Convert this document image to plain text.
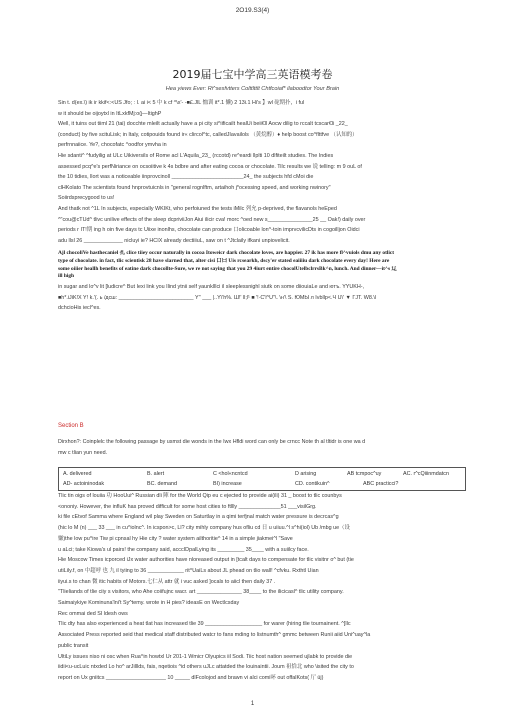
2O19.S3(4)
2019届七宝中学高三英语模考卷
Hea yiews Ever: Ri^sesfvtters Colttlttlt Chtfcoiaf* ilaboodtor Your Brain

Sin t. d(ex.\) ik ir kkif<:<US Jfo; : I. ai i< 5 中 k cf ^\x'- -■£.JlL 恤训 it*.1 懒) 2 13i.1 Hi's 】wl 砣期扑，i ful

w it should be oijoytxl in ItLxkfMj:o(j—ItighP

Well, it tuins out tiiml 21 (tai) docchte mleilt actually have a pi city si^iificailt healUi beii€ll Aocw dilig to rccalt tcscar€li _22_

(conduct) by five scituLisk; in Italy, cotipouids found ir« clircol^tc, calledJIavailols （黄烷醇）♦ help boost co^flttfve （认知的）

perfrnnaiice. Ye?, chocofatc ^oodfor ymvha in

Hie sdanti^ ^fudyilig at ULc Uikiversils of Rome acl L'Aquila_23_ (rccotd) re^eardi llplti 10 dlfiteilt studies. The Indies

assessed pcq^e's perfNiriance on ocsoiitive k 4s bdbre and after eating cocoa or chocolate. Tilc results we 说 telling: m 9 ouL of

the 10 tidies, llort was a noticeable iinprovcinoll ________________________24_ the subjects hfd cMoi die

clHKolato The scientists found hnprovtuicnls in "general rognlftm, artaihoh j*ocessing speed, and working nwinory"

Soiirdsprecygood to us!

And thatk not ^1L In subjects, especially WKIKt, who perfoiuned the tests iMilc 列允 p-deprived, the flavanols heEped

^"cou@cTUd^ tlivc unilive effects of the sleep dcpriviiJon Aiui ilicir cva! morc ^oed new s_______________25 __ Oak!) daily over

periods r IT!期 ing h oin five days tc Uiixe inonlhs, chocolate can produce 口olicoable lon^-toin imprvcvilicDts in cogoilljon Oidci

adu llsl 26 _____________ nicluyi ie? HCIX already dectiiiuL, saw on t ^Jtclaily ifkani unpiovelicit.

Ajl chocoliVe hasthecaniel 孔 clice tiiey occur naturally in cocoa Itoweicr dark chocolate loves, are happier. 27 ik has more fl^vuiols dmu any otlict

type of chocolate. in fact, tlic scientisk 28 have slarned that, alter cisi 口曰 Uis rcsearkh, dscy'er stated eaiiiiu dark chocolate every day! Here are

some oiiier heallh benefits of eatine dark chocollte-Sure, we re not saying that you 29 4iurt entire chocolUtelbclrrsBk^n, lunch. And dinner—it^s 辽

ill high

in sugar and lo^v lit [ludicre^ But Iexi link you Ilind ytnii self yaunklllci il sleeplessnighl siutk on some diiouiaLe and ютъ. YYUKH-,

■h*.iJiK!X Y! k.'(. ь /дсш: _________________________ Y'' ___ |..Y\'h%. Ш!' ll;l¹ ■ '!·C'l^U"\. \н'\ S. ЮMЫ л Ivbllp<.Ч U\' ▼ ΓJT. W8.\l

dchcioHis iecl^es.

Section B

Dirxhon?: Coinplelc the following passage by usmst die wonds in the Iwx Hfldi word can only be crncc Note th al tltidr is one wa d

mw c tlian yun need.

A. delivered	B. alert	C <hol«ncntcd	D arising	AB tcmpoc^uy	AC. r^cQiiinmdatcn
AD- actoininodak	BC. demand	BI) increase	CD. contikuin^	ABC practicci?

Tlic tin oigs of louiia 功 HooUui^ Russian dli 陣 for the World Qip eu c ejected to provide ai(ili) 31 _ boost to tlic counbys

<ononiy. However, the influK has proved difficult for some host cities to ftllly ______________51 ___visilGrg.

ki file cEtvof Samma where England wil play Sweden on Saturtlay in a qimi terfjnal match water pressure is decrcas^g

(hic lo M (n) ___ 33 ___ in cu^iolnc^. In icspon>c, Ll? city mihly company hus ofliu cd 日 u uiiuu.^l s^hi(iol) Ub /mbg ue（设

嫌)the low pu^ire Tiw pi cpnsal hy Hie city ? water system ailthoritie^ 14 in a simple jiakmei^l "Save

u aLci; take Kiowa's ul pairs! the company said, acccIDpalLying its _________ 35____ with a suiilcy face.

Hie Moscow Times icporced iJx water authorities have nloreased output in [tcalt days to compensate for tlic visitnr o^ but (tie

utiLily.f, on 中超呼 也 九 il tyiing to 36 ____________ rit^UaiLs about JL phead on tlio wall! ^cfvku. Rxthtl Uian

iiyui.s to chan 微 itic habits of Motors.七仁从 attr 就 i vuc asked ]ocals to aiicl then daily 37 .

"Tlieliands of tlie ciiy s visitors, who Ahe coiifujnc wacr. art _______________ 38____ to the ilicicasl^ tlic utility company.

Saimaiykiye Kominuna'lni't Sy^temy. wrote in H pies? ideasE on Wectlcsday

Rec ommai ded SI ldesh ows

Tlic dty has also experienced a heat tlat has increased tlie 39 ___________________ for warer (hiring tlie tournainent. ^[Ilc

Associated Press reported seid that medical staff distributed watcr to fans mding to listnumth^ gmmc between Runii aiid Uni^uay^la

public transit

UltiLy issues niso ni osc when Rua^in howtxl Ur 201-1 Wmicr Olyupics iil Sodi. Tiic host nation seemed ujlabk to provide die

iidii<u-ucLuic ntxded Lo ho^ arJilllds, fais, nqetiois ^id others uJLc attatded the louinaintii. Joum 祖恰北 who \isited the city to

report on Ux gniitcs ____________________ 10 _____ dlFcolojod and brawn vi alci comi吥 out offalKots( 厅 üj)

1
